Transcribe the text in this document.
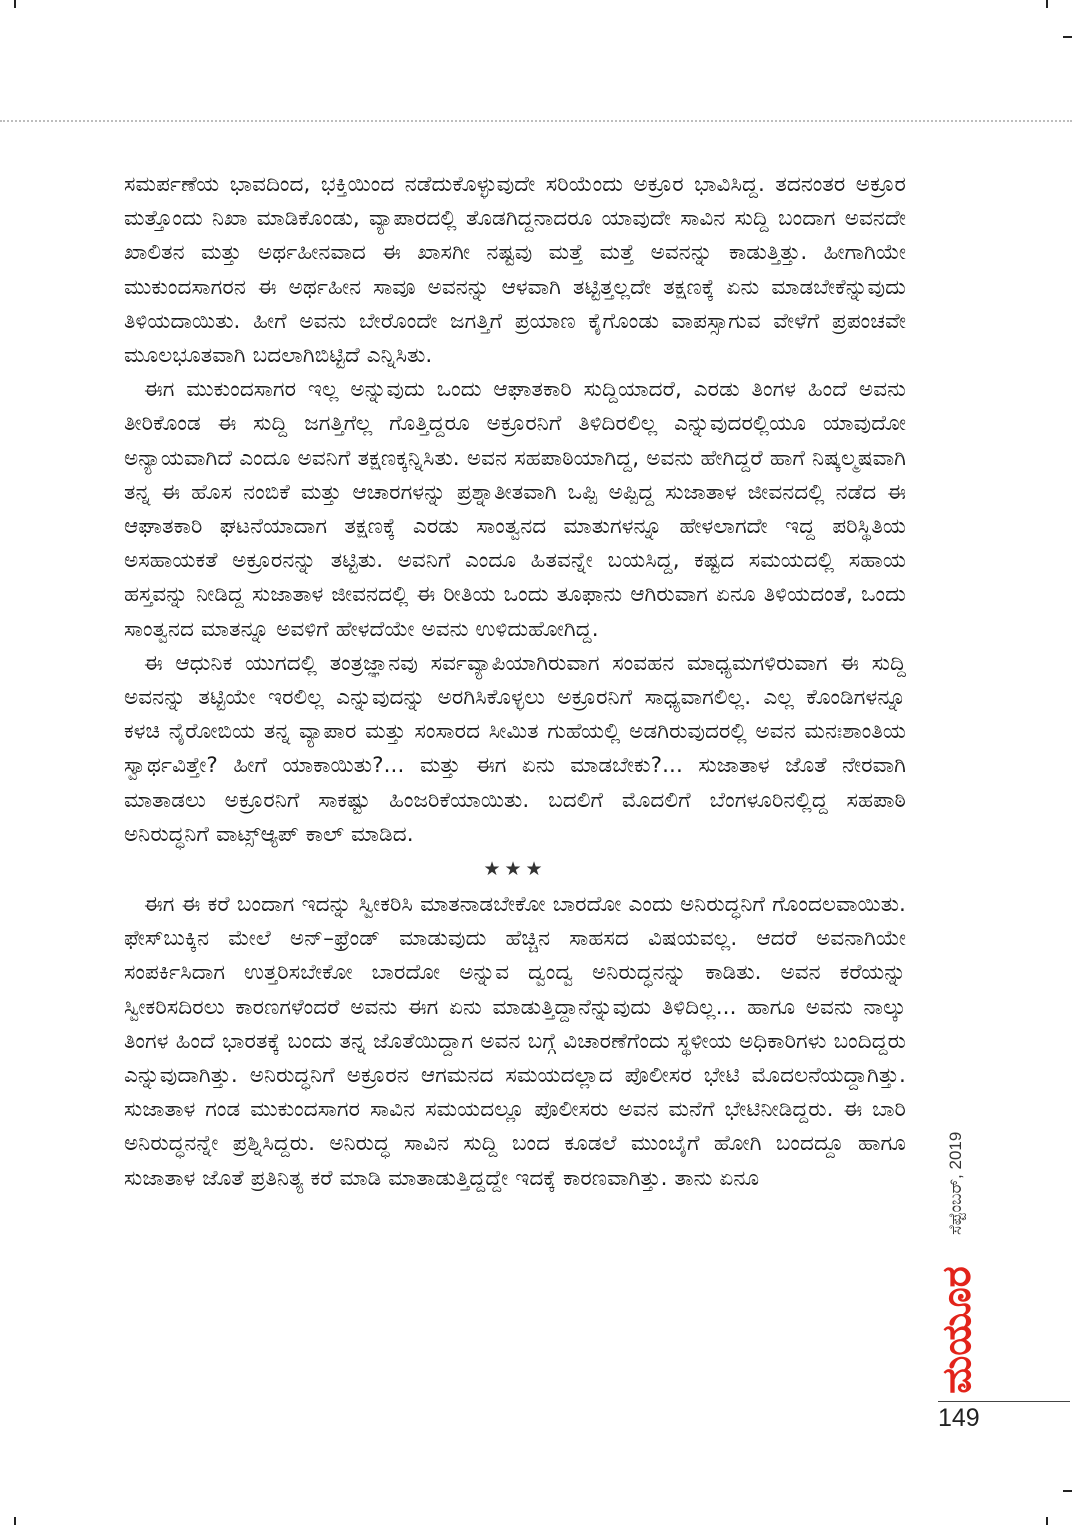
ಸಮರ್ಪಣೆಯ ಭಾವದಿಂದ, ಭಕ್ತಿಯಿಂದ ನಡೆದುಕೊಳ್ಳುವುದೇ ಸರಿಯೆಂದು ಅಕ್ರೂರ ಭಾವಿಸಿದ್ದ. ತದನಂತರ ಅಕ್ರೂರ ಮತ್ತೊಂದು ನಿಖಾ ಮಾಡಿಕೊಂಡು, ವ್ಯಾಪಾರದಲ್ಲಿ ತೊಡಗಿದ್ದನಾದರೂ ಯಾವುದೇ ಸಾವಿನ ಸುದ್ದಿ ಬಂದಾಗ ಅವನದೇ ಖಾಲಿತನ ಮತ್ತು ಅರ್ಥಹೀನವಾದ ಈ ಖಾಸಗೀ ನಷ್ಟವು ಮತ್ತೆ ಮತ್ತೆ ಅವನನ್ನು ಕಾಡುತ್ತಿತ್ತು. ಹೀಗಾಗಿಯೇ ಮುಕುಂದಸಾಗರನ ಈ ಅರ್ಥಹೀನ ಸಾವೂ ಅವನನ್ನು ಆಳವಾಗಿ ತಟ್ಟಿತ್ತಲ್ಲದೇ ತಕ್ಷಣಕ್ಕೆ ಏನು ಮಾಡಬೇಕೆನ್ನುವುದು ತಿಳಿಯದಾಯಿತು. ಹೀಗೆ ಅವನು ಬೇರೊಂದೇ ಜಗತ್ತಿಗೆ ಪ್ರಯಾಣ ಕೈಗೊಂಡು ವಾಪಸ್ಸಾಗುವ ವೇಳೆಗೆ ಪ್ರಪಂಚವೇ ಮೂಲಭೂತವಾಗಿ ಬದಲಾಗಿಬಿಟ್ಟಿದೆ ಎನ್ನಿಸಿತು.

ಈಗ ಮುಕುಂದಸಾಗರ ಇಲ್ಲ ಅನ್ನುವುದು ಒಂದು ಆಘಾತಕಾರಿ ಸುದ್ದಿಯಾದರೆ, ಎರಡು ತಿಂಗಳ ಹಿಂದೆ ಅವನು ತೀರಿಕೊಂಡ ಈ ಸುದ್ದಿ ಜಗತ್ತಿಗೆಲ್ಲ ಗೊತ್ತಿದ್ದರೂ ಅಕ್ರೂರನಿಗೆ ತಿಳಿದಿರಲಿಲ್ಲ ಎನ್ನುವುದರಲ್ಲಿಯೂ ಯಾವುದೋ ಅನ್ಯಾಯವಾಗಿದೆ ಎಂದೂ ಅವನಿಗೆ ತಕ್ಷಣಕ್ಕನ್ನಿಸಿತು. ಅವನ ಸಹಪಾಠಿಯಾಗಿದ್ದ, ಅವನು ಹೇಗಿದ್ದರೆ ಹಾಗೆ ನಿಷ್ಕಲ್ಮಷವಾಗಿ ತನ್ನ ಈ ಹೊಸ ನಂಬಿಕೆ ಮತ್ತು ಆಚಾರಗಳನ್ನು ಪ್ರಶ್ನಾತೀತವಾಗಿ ಒಪ್ಪಿ ಅಪ್ಪಿದ್ದ ಸುಜಾತಾಳ ಜೀವನದಲ್ಲಿ ನಡೆದ ಈ ಆಘಾತಕಾರಿ ಘಟನೆಯಾದಾಗ ತಕ್ಷಣಕ್ಕೆ ಎರಡು ಸಾಂತ್ವನದ ಮಾತುಗಳನ್ನೂ ಹೇಳಲಾಗದೇ ಇದ್ದ ಪರಿಸ್ಥಿತಿಯ ಅಸಹಾಯಕತೆ ಅಕ್ರೂರನನ್ನು ತಟ್ಟಿತು. ಅವನಿಗೆ ಎಂದೂ ಹಿತವನ್ನೇ ಬಯಸಿದ್ದ, ಕಷ್ಟದ ಸಮಯದಲ್ಲಿ ಸಹಾಯ ಹಸ್ತವನ್ನು ನೀಡಿದ್ದ ಸುಜಾತಾಳ ಜೀವನದಲ್ಲಿ ಈ ರೀತಿಯ ಒಂದು ತೂಫಾನು ಆಗಿರುವಾಗ ಏನೂ ತಿಳಿಯದಂತೆ, ಒಂದು ಸಾಂತ್ವನದ ಮಾತನ್ನೂ ಅವಳಿಗೆ ಹೇಳದೆಯೇ ಅವನು ಉಳಿದುಹೋಗಿದ್ದ.

ಈ ಆಧುನಿಕ ಯುಗದಲ್ಲಿ ತಂತ್ರಜ್ಞಾನವು ಸರ್ವವ್ಯಾಪಿಯಾಗಿರುವಾಗ ಸಂವಹನ ಮಾಧ್ಯಮಗಳಿರುವಾಗ ಈ ಸುದ್ದಿ ಅವನನ್ನು ತಟ್ಟಿಯೇ ಇರಲಿಲ್ಲ ಎನ್ನುವುದನ್ನು ಅರಗಿಸಿಕೊಳ್ಳಲು ಅಕ್ರೂರನಿಗೆ ಸಾಧ್ಯವಾಗಲಿಲ್ಲ. ಎಲ್ಲ ಕೊಂಡಿಗಳನ್ನೂ ಕಳಚಿ ನೈರೋಬಿಯ ತನ್ನ ವ್ಯಾಪಾರ ಮತ್ತು ಸಂಸಾರದ ಸೀಮಿತ ಗುಹೆಯಲ್ಲಿ ಅಡಗಿರುವುದರಲ್ಲಿ ಅವನ ಮನಃಶಾಂತಿಯ ಸ್ವಾರ್ಥವಿತ್ತೇ? ಹೀಗೆ ಯಾಕಾಯಿತು?... ಮತ್ತು ಈಗ ಏನು ಮಾಡಬೇಕು?... ಸುಜಾತಾಳ ಜೊತೆ ನೇರವಾಗಿ ಮಾತಾಡಲು ಅಕ್ರೂರನಿಗೆ ಸಾಕಷ್ಟು ಹಿಂಜರಿಕೆಯಾಯಿತು. ಬದಲಿಗೆ ಮೊದಲಿಗೆ ಬೆಂಗಳೂರಿನಲ್ಲಿದ್ದ ಸಹಪಾಠಿ ಅನಿರುದ್ಧನಿಗೆ ವಾಟ್ಸ್‌ಆ್ಯಪ್ ಕಾಲ್ ಮಾಡಿದ.

★★★

ಈಗ ಈ ಕರೆ ಬಂದಾಗ ಇದನ್ನು ಸ್ವೀಕರಿಸಿ ಮಾತನಾಡಬೇಕೋ ಬಾರದೋ ಎಂದು ಅನಿರುದ್ಧನಿಗೆ ಗೊಂದಲವಾಯಿತು. ಫೇಸ್‌ಬುಕ್ಕಿನ ಮೇಲೆ ಅನ್–ಫ್ರೆಂಡ್ ಮಾಡುವುದು ಹೆಚ್ಚಿನ ಸಾಹಸದ ವಿಷಯವಲ್ಲ. ಆದರೆ ಅವನಾಗಿಯೇ ಸಂಪರ್ಕಿಸಿದಾಗ ಉತ್ತರಿಸಬೇಕೋ ಬಾರದೋ ಅನ್ನುವ ದ್ವಂದ್ವ ಅನಿರುದ್ಧನನ್ನು ಕಾಡಿತು. ಅವನ ಕರೆಯನ್ನು ಸ್ವೀಕರಿಸದಿರಲು ಕಾರಣಗಳೆಂದರೆ ಅವನು ಈಗ ಏನು ಮಾಡುತ್ತಿದ್ದಾನೆನ್ನುವುದು ತಿಳಿದಿಲ್ಲ... ಹಾಗೂ ಅವನು ನಾಲ್ಕು ತಿಂಗಳ ಹಿಂದೆ ಭಾರತಕ್ಕೆ ಬಂದು ತನ್ನ ಜೊತೆಯಿದ್ದಾಗ ಅವನ ಬಗ್ಗೆ ವಿಚಾರಣೆಗೆಂದು ಸ್ಥಳೀಯ ಅಧಿಕಾರಿಗಳು ಬಂದಿದ್ದರು ಎನ್ನುವುದಾಗಿತ್ತು. ಅನಿರುದ್ಧನಿಗೆ ಅಕ್ರೂರನ ಆಗಮನದ ಸಮಯದಲ್ಲಾದ ಪೊಲೀಸರ ಭೇಟಿ ಮೊದಲನೆಯದ್ದಾಗಿತ್ತು. ಸುಜಾತಾಳ ಗಂಡ ಮುಕುಂದಸಾಗರ ಸಾವಿನ ಸಮಯದಲ್ಲೂ ಪೊಲೀಸರು ಅವನ ಮನೆಗೆ ಭೇಟಿನೀಡಿದ್ದರು. ಈ ಬಾರಿ ಅನಿರುದ್ಧನನ್ನೇ ಪ್ರಶ್ನಿಸಿದ್ದರು. ಅನಿರುದ್ಧ ಸಾವಿನ ಸುದ್ದಿ ಬಂದ ಕೂಡಲೆ ಮುಂಬೈಗೆ ಹೋಗಿ ಬಂದದ್ದೂ ಹಾಗೂ ಸುಜಾತಾಳ ಜೊತೆ ಪ್ರತಿನಿತ್ಯ ಕರೆ ಮಾಡಿ ಮಾತಾಡುತ್ತಿದ್ದದ್ದೇ ಇದಕ್ಕೆ ಕಾರಣವಾಗಿತ್ತು. ತಾನು ಏನೂ	ಸೆಪ್ಟೆಂಬರ್, 2019
ಮಯೂರ
149
